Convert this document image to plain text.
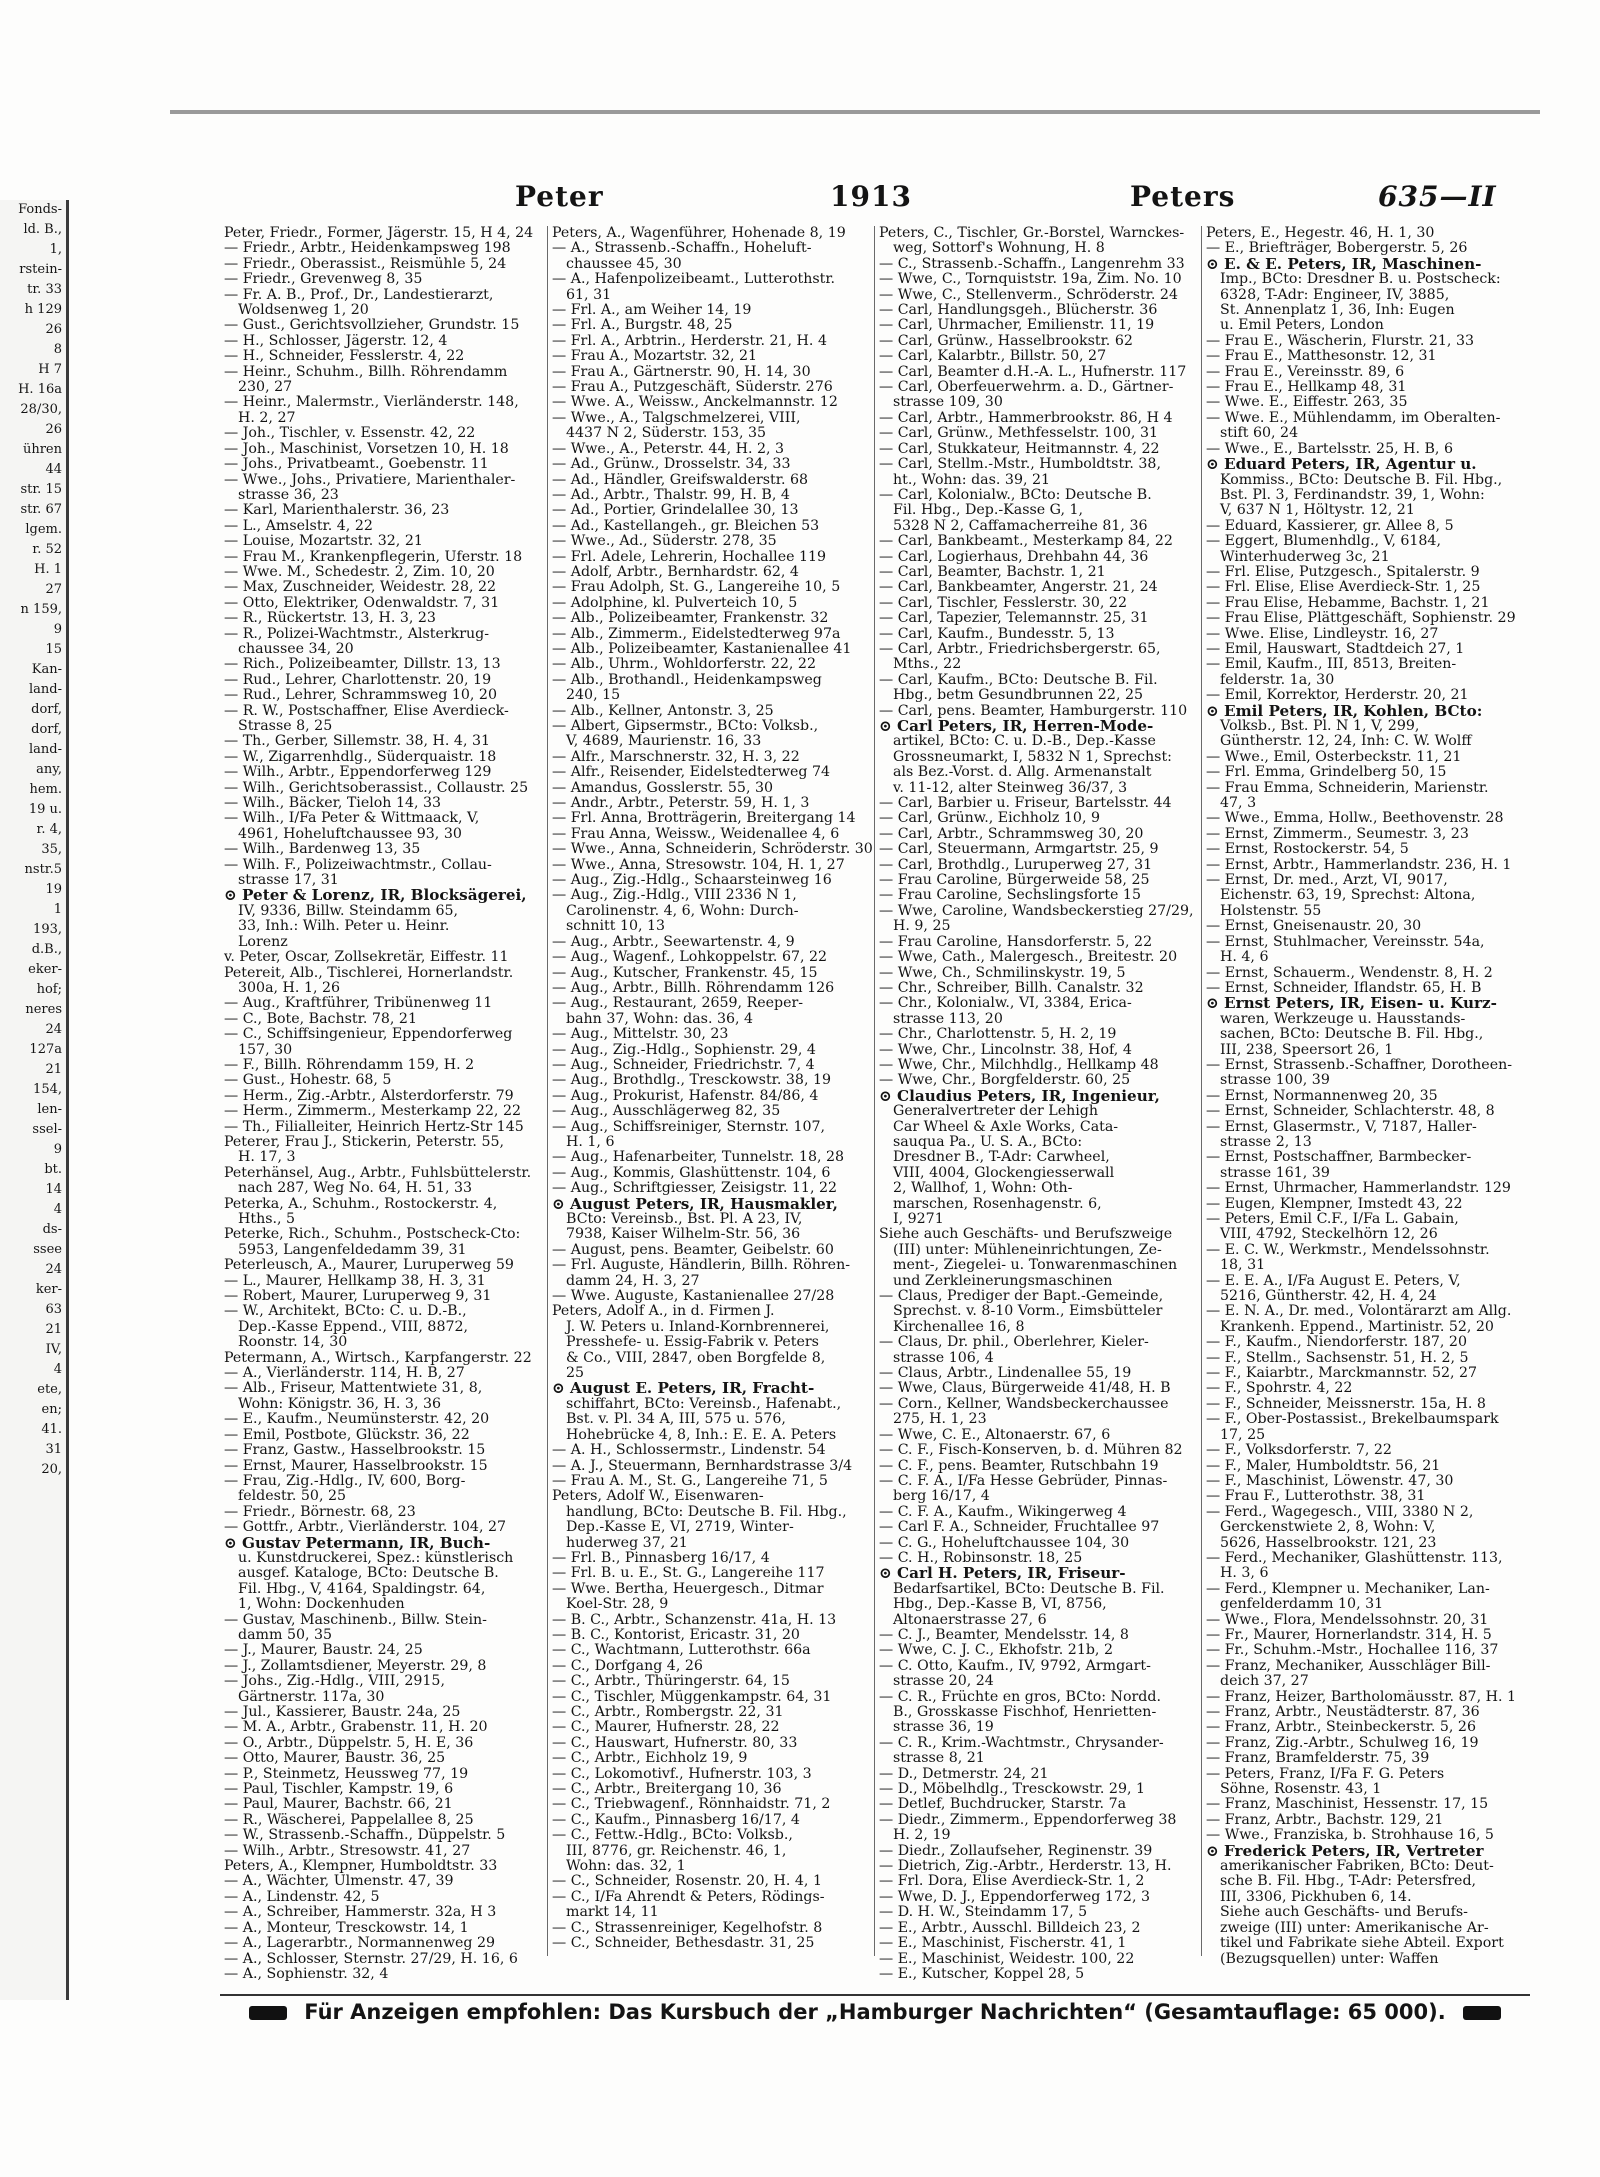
Fonds-
ld. B.,
1,
rstein-
tr. 33
h 129
26
8
H 7
H. 16a
28/30,
26
ühren
44
str. 15
str. 67
lgem.
r. 52
H. 1
27
n 159,
9
15
Kan-
land-
dorf,
dorf,
land-
any,
hem.
19 u.
r. 4,
35,
nstr.5
19
1
193,
d.B.,
eker-
hof;
neres
24
127a
21
154,
len-
ssel-
9
bt.
14
4
ds-
ssee
24
ker-
63
21
IV,
4
ete,
en;
41.
31
20,
Peter	1913	Peters	635—II
Peter, Friedr., Former, Jägerstr. 15, H 4, 24
— Friedr., Arbtr., Heidenkampsweg 198
— Friedr., Oberassist., Reismühle 5, 24
— Friedr., Grevenweg 8, 35
— Fr. A. B., Prof., Dr., Landestierarzt,
Woldsenweg 1, 20
— Gust., Gerichtsvollzieher, Grundstr. 15
— H., Schlosser, Jägerstr. 12, 4
— H., Schneider, Fesslerstr. 4, 22
— Heinr., Schuhm., Billh. Röhrendamm
230, 27
— Heinr., Malermstr., Vierländerstr. 148,
H. 2, 27
— Joh., Tischler, v. Essenstr. 42, 22
— Joh., Maschinist, Vorsetzen 10, H. 18
— Johs., Privatbeamt., Goebenstr. 11
— Wwe., Johs., Privatiere, Marienthaler-
strasse 36, 23
— Karl, Marienthalerstr. 36, 23
— L., Amselstr. 4, 22
— Louise, Mozartstr. 32, 21
— Frau M., Krankenpflegerin, Uferstr. 18
— Wwe. M., Schedestr. 2, Zim. 10, 20
— Max, Zuschneider, Weidestr. 28, 22
— Otto, Elektriker, Odenwaldstr. 7, 31
— R., Rückertstr. 13, H. 3, 23
— R., Polizei-Wachtmstr., Alsterkrug-
chaussee 34, 20
— Rich., Polizeibeamter, Dillstr. 13, 13
— Rud., Lehrer, Charlottenstr. 20, 19
— Rud., Lehrer, Schrammsweg 10, 20
— R. W., Postschaffner, Elise Averdieck-
Strasse 8, 25
— Th., Gerber, Sillemstr. 38, H. 4, 31
— W., Zigarrenhdlg., Süderquaistr. 18
— Wilh., Arbtr., Eppendorferweg 129
— Wilh., Gerichtsoberassist., Collaustr. 25
— Wilh., Bäcker, Tieloh 14, 33
— Wilh., I/Fa Peter & Wittmaack, V,
4961, Hoheluftchaussee 93, 30
— Wilh., Bardenweg 13, 35
— Wilh. F., Polizeiwachtmstr., Collau-
strasse 17, 31
⊙ Peter & Lorenz, IR, Blocksägerei,
IV, 9336, Billw. Steindamm 65,
33, Inh.: Wilh. Peter u. Heinr.
Lorenz
v. Peter, Oscar, Zollsekretär, Eiffestr. 11
Petereit, Alb., Tischlerei, Hornerlandstr.
300a, H. 1, 26
— Aug., Kraftführer, Tribünenweg 11
— C., Bote, Bachstr. 78, 21
— C., Schiffsingenieur, Eppendorferweg
157, 30
— F., Billh. Röhrendamm 159, H. 2
— Gust., Hohestr. 68, 5
— Herm., Zig.-Arbtr., Alsterdorferstr. 79
— Herm., Zimmerm., Mesterkamp 22, 22
— Th., Filialleiter, Heinrich Hertz-Str 145
Peterer, Frau J., Stickerin, Peterstr. 55,
H. 17, 3
Peterhänsel, Aug., Arbtr., Fuhlsbüttelerstr.
nach 287, Weg No. 64, H. 51, 33
Peterka, A., Schuhm., Rostockerstr. 4,
Hths., 5
Peterke, Rich., Schuhm., Postscheck-Cto:
5953, Langenfeldedamm 39, 31
Peterleusch, A., Maurer, Luruperweg 59
— L., Maurer, Hellkamp 38, H. 3, 31
— Robert, Maurer, Luruperweg 9, 31
— W., Architekt, BCto: C. u. D.-B.,
Dep.-Kasse Eppend., VIII, 8872,
Roonstr. 14, 30
Petermann, A., Wirtsch., Karpfangerstr. 22
— A., Vierländerstr. 114, H. B, 27
— Alb., Friseur, Mattentwiete 31, 8,
Wohn: Königstr. 36, H. 3, 36
— E., Kaufm., Neumünsterstr. 42, 20
— Emil, Postbote, Glückstr. 36, 22
— Franz, Gastw., Hasselbrookstr. 15
— Ernst, Maurer, Hasselbrookstr. 15
— Frau, Zig.-Hdlg., IV, 600, Borg-
feldestr. 50, 25
— Friedr., Börnestr. 68, 23
— Gottfr., Arbtr., Vierländerstr. 104, 27
⊙ Gustav Petermann, IR, Buch-
u. Kunstdruckerei, Spez.: künstlerisch
ausgef. Kataloge, BCto: Deutsche B.
Fil. Hbg., V, 4164, Spaldingstr. 64,
1, Wohn: Dockenhuden
— Gustav, Maschinenb., Billw. Stein-
damm 50, 35
— J., Maurer, Baustr. 24, 25
— J., Zollamtsdiener, Meyerstr. 29, 8
— Johs., Zig.-Hdlg., VIII, 2915,
Gärtnerstr. 117a, 30
— Jul., Kassierer, Baustr. 24a, 25
— M. A., Arbtr., Grabenstr. 11, H. 20
— O., Arbtr., Düppelstr. 5, H. E, 36
— Otto, Maurer, Baustr. 36, 25
— P., Steinmetz, Heussweg 77, 19
— Paul, Tischler, Kampstr. 19, 6
— Paul, Maurer, Bachstr. 66, 21
— R., Wäscherei, Pappelallee 8, 25
— W., Strassenb.-Schaffn., Düppelstr. 5
— Wilh., Arbtr., Stresowstr. 41, 27
Peters, A., Klempner, Humboldtstr. 33
— A., Wächter, Ulmenstr. 47, 39
— A., Lindenstr. 42, 5
— A., Schreiber, Hammerstr. 32a, H 3
— A., Monteur, Tresckowstr. 14, 1
— A., Lagerarbtr., Normannenweg 29
— A., Schlosser, Sternstr. 27/29, H. 16, 6
— A., Sophienstr. 32, 4
Peters, A., Wagenführer, Hohenade 8, 19
— A., Strassenb.-Schaffn., Hoheluft-
chaussee 45, 30
— A., Hafenpolizeibeamt., Lutterothstr.
61, 31
— Frl. A., am Weiher 14, 19
— Frl. A., Burgstr. 48, 25
— Frl. A., Arbtrin., Herderstr. 21, H. 4
— Frau A., Mozartstr. 32, 21
— Frau A., Gärtnerstr. 90, H. 14, 30
— Frau A., Putzgeschäft, Süderstr. 276
— Wwe. A., Weissw., Anckelmannstr. 12
— Wwe., A., Talgschmelzerei, VIII,
4437 N 2, Süderstr. 153, 35
— Wwe., A., Peterstr. 44, H. 2, 3
— Ad., Grünw., Drosselstr. 34, 33
— Ad., Händler, Greifswalderstr. 68
— Ad., Arbtr., Thalstr. 99, H. B, 4
— Ad., Portier, Grindelallee 30, 13
— Ad., Kastellangeh., gr. Bleichen 53
— Wwe., Ad., Süderstr. 278, 35
— Frl. Adele, Lehrerin, Hochallee 119
— Adolf, Arbtr., Bernhardstr. 62, 4
— Frau Adolph, St. G., Langereihe 10, 5
— Adolphine, kl. Pulverteich 10, 5
— Alb., Polizeibeamter, Frankenstr. 32
— Alb., Zimmerm., Eidelstedterweg 97a
— Alb., Polizeibeamter, Kastanienallee 41
— Alb., Uhrm., Wohldorferstr. 22, 22
— Alb., Brothandl., Heidenkampsweg
240, 15
— Alb., Kellner, Antonstr. 3, 25
— Albert, Gipsermstr., BCto: Volksb.,
V, 4689, Maurienstr. 16, 33
— Alfr., Marschnerstr. 32, H. 3, 22
— Alfr., Reisender, Eidelstedterweg 74
— Amandus, Gosslerstr. 55, 30
— Andr., Arbtr., Peterstr. 59, H. 1, 3
— Frl. Anna, Brotträgerin, Breitergang 14
— Frau Anna, Weissw., Weidenallee 4, 6
— Wwe., Anna, Schneiderin, Schröderstr. 30
— Wwe., Anna, Stresowstr. 104, H. 1, 27
— Aug., Zig.-Hdlg., Schaarsteinweg 16
— Aug., Zig.-Hdlg., VIII 2336 N 1,
Carolinenstr. 4, 6, Wohn: Durch-
schnitt 10, 13
— Aug., Arbtr., Seewartenstr. 4, 9
— Aug., Wagenf., Lohkoppelstr. 67, 22
— Aug., Kutscher, Frankenstr. 45, 15
— Aug., Arbtr., Billh. Röhrendamm 126
— Aug., Restaurant, 2659, Reeper-
bahn 37, Wohn: das. 36, 4
— Aug., Mittelstr. 30, 23
— Aug., Zig.-Hdlg., Sophienstr. 29, 4
— Aug., Schneider, Friedrichstr. 7, 4
— Aug., Brothdlg., Tresckowstr. 38, 19
— Aug., Prokurist, Hafenstr. 84/86, 4
— Aug., Ausschlägerweg 82, 35
— Aug., Schiffsreiniger, Sternstr. 107,
H. 1, 6
— Aug., Hafenarbeiter, Tunnelstr. 18, 28
— Aug., Kommis, Glashüttenstr. 104, 6
— Aug., Schriftgiesser, Zeisigstr. 11, 22
⊙ August Peters, IR, Hausmakler,
BCto: Vereinsb., Bst. Pl. A 23, IV,
7938, Kaiser Wilhelm-Str. 56, 36
— August, pens. Beamter, Geibelstr. 60
— Frl. Auguste, Händlerin, Billh. Röhren-
damm 24, H. 3, 27
— Wwe. Auguste, Kastanienallee 27/28
Peters, Adolf A., in d. Firmen J.
J. W. Peters u. Inland-Kornbrennerei,
Presshefe- u. Essig-Fabrik v. Peters
& Co., VIII, 2847, oben Borgfelde 8,
25
⊙ August E. Peters, IR, Fracht-
schiffahrt, BCto: Vereinsb., Hafenabt.,
Bst. v. Pl. 34 A, III, 575 u. 576,
Hohebrücke 4, 8, Inh.: E. E. A. Peters
— A. H., Schlossermstr., Lindenstr. 54
— A. J., Steuermann, Bernhardstrasse 3/4
— Frau A. M., St. G., Langereihe 71, 5
Peters, Adolf W., Eisenwaren-
handlung, BCto: Deutsche B. Fil. Hbg.,
Dep.-Kasse E, VI, 2719, Winter-
huderweg 37, 21
— Frl. B., Pinnasberg 16/17, 4
— Frl. B. u. E., St. G., Langereihe 117
— Wwe. Bertha, Heuergesch., Ditmar
Koel-Str. 28, 9
— B. C., Arbtr., Schanzenstr. 41a, H. 13
— B. C., Kontorist, Ericastr. 31, 20
— C., Wachtmann, Lutterothstr. 66a
— C., Dorfgang 4, 26
— C., Arbtr., Thüringerstr. 64, 15
— C., Tischler, Müggenkampstr. 64, 31
— C., Arbtr., Rombergstr. 22, 31
— C., Maurer, Hufnerstr. 28, 22
— C., Hauswart, Hufnerstr. 80, 33
— C., Arbtr., Eichholz 19, 9
— C., Lokomotivf., Hufnerstr. 103, 3
— C., Arbtr., Breitergang 10, 36
— C., Triebwagenf., Rönnhaidstr. 71, 2
— C., Kaufm., Pinnasberg 16/17, 4
— C., Fettw.-Hdlg., BCto: Volksb.,
III, 8776, gr. Reichenstr. 46, 1,
Wohn: das. 32, 1
— C., Schneider, Rosenstr. 20, H. 4, 1
— C., I/Fa Ahrendt & Peters, Rödings-
markt 14, 11
— C., Strassenreiniger, Kegelhofstr. 8
— C., Schneider, Bethesdastr. 31, 25
Peters, C., Tischler, Gr.-Borstel, Warnckes-
weg, Sottorf's Wohnung, H. 8
— C., Strassenb.-Schaffn., Langenrehm 33
— Wwe, C., Tornquiststr. 19a, Zim. No. 10
— Wwe, C., Stellenverm., Schröderstr. 24
— Carl, Handlungsgeh., Blücherstr. 36
— Carl, Uhrmacher, Emilienstr. 11, 19
— Carl, Grünw., Hasselbrookstr. 62
— Carl, Kalarbtr., Billstr. 50, 27
— Carl, Beamter d.H.-A. L., Hufnerstr. 117
— Carl, Oberfeuerwehrm. a. D., Gärtner-
strasse 109, 30
— Carl, Arbtr., Hammerbrookstr. 86, H 4
— Carl, Grünw., Methfesselstr. 100, 31
— Carl, Stukkateur, Heitmannstr. 4, 22
— Carl, Stellm.-Mstr., Humboldtstr. 38,
ht., Wohn: das. 39, 21
— Carl, Kolonialw., BCto: Deutsche B.
Fil. Hbg., Dep.-Kasse G, 1,
5328 N 2, Caffamacherreihe 81, 36
— Carl, Bankbeamt., Mesterkamp 84, 22
— Carl, Logierhaus, Drehbahn 44, 36
— Carl, Beamter, Bachstr. 1, 21
— Carl, Bankbeamter, Angerstr. 21, 24
— Carl, Tischler, Fesslerstr. 30, 22
— Carl, Tapezier, Telemannstr. 25, 31
— Carl, Kaufm., Bundesstr. 5, 13
— Carl, Arbtr., Friedrichsbergerstr. 65,
Mths., 22
— Carl, Kaufm., BCto: Deutsche B. Fil.
Hbg., betm Gesundbrunnen 22, 25
— Carl, pens. Beamter, Hamburgerstr. 110
⊙ Carl Peters, IR, Herren-Mode-
artikel, BCto: C. u. D.-B., Dep.-Kasse
Grossneumarkt, I, 5832 N 1, Sprechst:
als Bez.-Vorst. d. Allg. Armenanstalt
v. 11-12, alter Steinweg 36/37, 3
— Carl, Barbier u. Friseur, Bartelsstr. 44
— Carl, Grünw., Eichholz 10, 9
— Carl, Arbtr., Schrammsweg 30, 20
— Carl, Steuermann, Armgartstr. 25, 9
— Carl, Brothdlg., Luruperweg 27, 31
— Frau Caroline, Bürgerweide 58, 25
— Frau Caroline, Sechslingsforte 15
— Wwe, Caroline, Wandsbeckerstieg 27/29,
H. 9, 25
— Frau Caroline, Hansdorferstr. 5, 22
— Wwe, Cath., Malergesch., Breitestr. 20
— Wwe, Ch., Schmilinskystr. 19, 5
— Chr., Schreiber, Billh. Canalstr. 32
— Chr., Kolonialw., VI, 3384, Erica-
strasse 113, 20
— Chr., Charlottenstr. 5, H. 2, 19
— Wwe, Chr., Lincolnstr. 38, Hof, 4
— Wwe, Chr., Milchhdlg., Hellkamp 48
— Wwe, Chr., Borgfelderstr. 60, 25
⊙ Claudius Peters, IR, Ingenieur,
Generalvertreter der Lehigh
Car Wheel & Axle Works, Cata-
sauqua Pa., U. S. A., BCto:
Dresdner B., T-Adr: Carwheel,
VIII, 4004, Glockengiesserwall
2, Wallhof, 1, Wohn: Oth-
marschen, Rosenhagenstr. 6,
I, 9271
Siehe auch Geschäfts- und Berufszweige
(III) unter: Mühleneinrichtungen, Ze-
ment-, Ziegelei- u. Tonwarenmaschinen
und Zerkleinerungsmaschinen
— Claus, Prediger der Bapt.-Gemeinde,
Sprechst. v. 8-10 Vorm., Eimsbütteler
Kirchenallee 16, 8
— Claus, Dr. phil., Oberlehrer, Kieler-
strasse 106, 4
— Claus, Arbtr., Lindenallee 55, 19
— Wwe, Claus, Bürgerweide 41/48, H. B
— Corn., Kellner, Wandsbeckerchaussee
275, H. 1, 23
— Wwe, C. E., Altonaerstr. 67, 6
— C. F., Fisch-Konserven, b. d. Mühren 82
— C. F., pens. Beamter, Rutschbahn 19
— C. F. A., I/Fa Hesse Gebrüder, Pinnas-
berg 16/17, 4
— C. F. A., Kaufm., Wikingerweg 4
— Carl F. A., Schneider, Fruchtallee 97
— C. G., Hoheluftchaussee 104, 30
— C. H., Robinsonstr. 18, 25
⊙ Carl H. Peters, IR, Friseur-
Bedarfsartikel, BCto: Deutsche B. Fil.
Hbg., Dep.-Kasse B, VI, 8756,
Altonaerstrasse 27, 6
— C. J., Beamter, Mendelsstr. 14, 8
— Wwe, C. J. C., Ekhofstr. 21b, 2
— C. Otto, Kaufm., IV, 9792, Armgart-
strasse 20, 24
— C. R., Früchte en gros, BCto: Nordd.
B., Grosskasse Fischhof, Henrietten-
strasse 36, 19
— C. R., Krim.-Wachtmstr., Chrysander-
strasse 8, 21
— D., Detmerstr. 24, 21
— D., Möbelhdlg., Tresckowstr. 29, 1
— Detlef, Buchdrucker, Starstr. 7a
— Diedr., Zimmerm., Eppendorferweg 38
H. 2, 19
— Diedr., Zollaufseher, Reginenstr. 39
— Dietrich, Zig.-Arbtr., Herderstr. 13, H.
— Frl. Dora, Elise Averdieck-Str. 1, 2
— Wwe, D. J., Eppendorferweg 172, 3
— D. H. W., Steindamm 17, 5
— E., Arbtr., Ausschl. Billdeich 23, 2
— E., Maschinist, Fischerstr. 41, 1
— E., Maschinist, Weidestr. 100, 22
— E., Kutscher, Koppel 28, 5
Peters, E., Hegestr. 46, H. 1, 30
— E., Briefträger, Bobergerstr. 5, 26
⊙ E. & E. Peters, IR, Maschinen-
Imp., BCto: Dresdner B. u. Postscheck:
6328, T-Adr: Engineer, IV, 3885,
St. Annenplatz 1, 36, Inh: Eugen
u. Emil Peters, London
— Frau E., Wäscherin, Flurstr. 21, 33
— Frau E., Matthesonstr. 12, 31
— Frau E., Vereinsstr. 89, 6
— Frau E., Hellkamp 48, 31
— Wwe. E., Eiffestr. 263, 35
— Wwe. E., Mühlendamm, im Oberalten-
stift 60, 24
— Wwe., E., Bartelsstr. 25, H. B, 6
⊙ Eduard Peters, IR, Agentur u.
Kommiss., BCto: Deutsche B. Fil. Hbg.,
Bst. Pl. 3, Ferdinandstr. 39, 1, Wohn:
V, 637 N 1, Höltystr. 12, 21
— Eduard, Kassierer, gr. Allee 8, 5
— Eggert, Blumenhdlg., V, 6184,
Winterhuderweg 3c, 21
— Frl. Elise, Putzgesch., Spitalerstr. 9
— Frl. Elise, Elise Averdieck-Str. 1, 25
— Frau Elise, Hebamme, Bachstr. 1, 21
— Frau Elise, Plättgeschäft, Sophienstr. 29
— Wwe. Elise, Lindleystr. 16, 27
— Emil, Hauswart, Stadtdeich 27, 1
— Emil, Kaufm., III, 8513, Breiten-
felderstr. 1a, 30
— Emil, Korrektor, Herderstr. 20, 21
⊙ Emil Peters, IR, Kohlen, BCto:
Volksb., Bst. Pl. N 1, V, 299,
Güntherstr. 12, 24, Inh: C. W. Wolff
— Wwe., Emil, Osterbeckstr. 11, 21
— Frl. Emma, Grindelberg 50, 15
— Frau Emma, Schneiderin, Marienstr.
47, 3
— Wwe., Emma, Hollw., Beethovenstr. 28
— Ernst, Zimmerm., Seumestr. 3, 23
— Ernst, Rostockerstr. 54, 5
— Ernst, Arbtr., Hammerlandstr. 236, H. 1
— Ernst, Dr. med., Arzt, VI, 9017,
Eichenstr. 63, 19, Sprechst: Altona,
Holstenstr. 55
— Ernst, Gneisenaustr. 20, 30
— Ernst, Stuhlmacher, Vereinsstr. 54a,
H. 4, 6
— Ernst, Schauerm., Wendenstr. 8, H. 2
— Ernst, Schneider, Iflandstr. 65, H. B
⊙ Ernst Peters, IR, Eisen- u. Kurz-
waren, Werkzeuge u. Hausstands-
sachen, BCto: Deutsche B. Fil. Hbg.,
III, 238, Speersort 26, 1
— Ernst, Strassenb.-Schaffner, Dorotheen-
strasse 100, 39
— Ernst, Normannenweg 20, 35
— Ernst, Schneider, Schlachterstr. 48, 8
— Ernst, Glasermstr., V, 7187, Haller-
strasse 2, 13
— Ernst, Postschaffner, Barmbecker-
strasse 161, 39
— Ernst, Uhrmacher, Hammerlandstr. 129
— Eugen, Klempner, Imstedt 43, 22
— Peters, Emil C.F., I/Fa L. Gabain,
VIII, 4792, Steckelhörn 12, 26
— E. C. W., Werkmstr., Mendelssohnstr.
18, 31
— E. E. A., I/Fa August E. Peters, V,
5216, Güntherstr. 42, H. 4, 24
— E. N. A., Dr. med., Volontärarzt am Allg.
Krankenh. Eppend., Martinistr. 52, 20
— F., Kaufm., Niendorferstr. 187, 20
— F., Stellm., Sachsenstr. 51, H. 2, 5
— F., Kaiarbtr., Marckmannstr. 52, 27
— F., Spohrstr. 4, 22
— F., Schneider, Meissnerstr. 15a, H. 8
— F., Ober-Postassist., Brekelbaumspark
17, 25
— F., Volksdorferstr. 7, 22
— F., Maler, Humboldtstr. 56, 21
— F., Maschinist, Löwenstr. 47, 30
— Frau F., Lutterothstr. 38, 31
— Ferd., Wagegesch., VIII, 3380 N 2,
Gerckenstwiete 2, 8, Wohn: V,
5626, Hasselbrookstr. 121, 23
— Ferd., Mechaniker, Glashüttenstr. 113,
H. 3, 6
— Ferd., Klempner u. Mechaniker, Lan-
genfelderdamm 10, 31
— Wwe., Flora, Mendelssohnstr. 20, 31
— Fr., Maurer, Hornerlandstr. 314, H. 5
— Fr., Schuhm.-Mstr., Hochallee 116, 37
— Franz, Mechaniker, Ausschläger Bill-
deich 37, 27
— Franz, Heizer, Bartholomäusstr. 87, H. 1
— Franz, Arbtr., Neustädterstr. 87, 36
— Franz, Arbtr., Steinbeckerstr. 5, 26
— Franz, Zig.-Arbtr., Schulweg 16, 19
— Franz, Bramfelderstr. 75, 39
— Peters, Franz, I/Fa F. G. Peters
Söhne, Rosenstr. 43, 1
— Franz, Maschinist, Hessenstr. 17, 15
— Franz, Arbtr., Bachstr. 129, 21
— Wwe., Franziska, b. Strohhause 16, 5
⊙ Frederick Peters, IR, Vertreter
amerikanischer Fabriken, BCto: Deut-
sche B. Fil. Hbg., T-Adr: Petersfred,
III, 3306, Pickhuben 6, 14.
Siehe auch Geschäfts- und Berufs-
zweige (III) unter: Amerikanische Ar-
tikel und Fabrikate siehe Abteil. Export
(Bezugsquellen) unter: Waffen
Für Anzeigen empfohlen: Das Kursbuch der „Hamburger Nachrichten“ (Gesamtauflage: 65 000).
